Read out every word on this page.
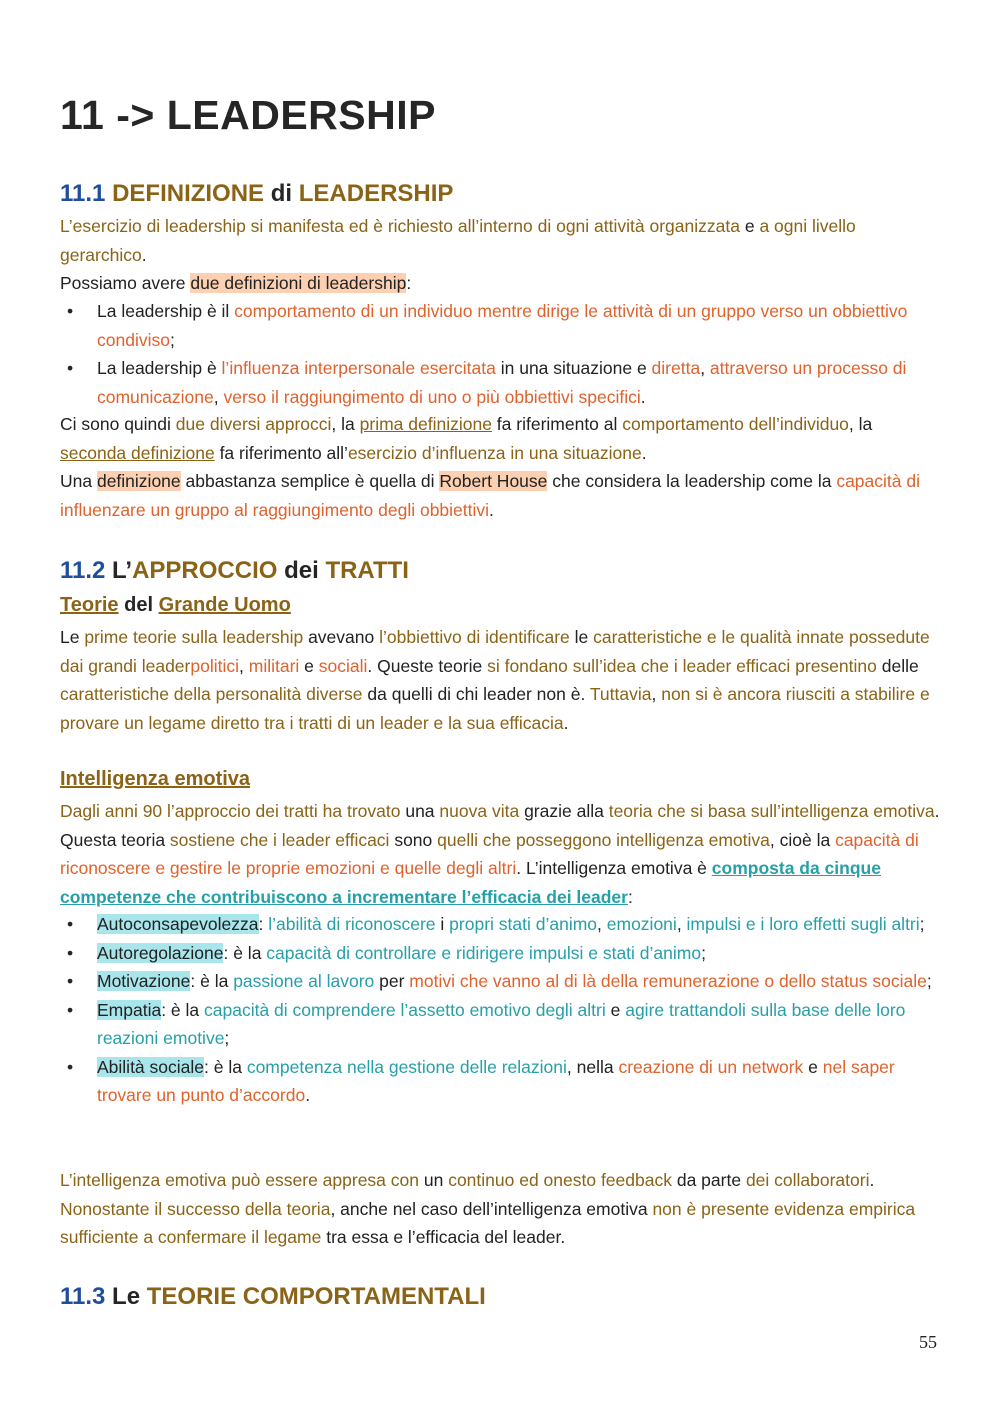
11 -> LEADERSHIP
11.1 DEFINIZIONE di LEADERSHIP

L’esercizio di leadership si manifesta ed è richiesto all’interno di ogni attività organizzata e a ogni livello gerarchico.

Possiamo avere due definizioni di leadership:

• La leadership è il comportamento di un individuo mentre dirige le attività di un gruppo verso un obbiettivo condiviso;
• La leadership è l’influenza interpersonale esercitata in una situazione e diretta, attraverso un processo di comunicazione, verso il raggiungimento di uno o più obbiettivi specifici.

Ci sono quindi due diversi approcci, la prima definizione fa riferimento al comportamento dell’individuo, la seconda definizione fa riferimento all’esercizio d’influenza in una situazione.

Una definizione abbastanza semplice è quella di Robert House che considera la leadership come la capacità di influenzare un gruppo al raggiungimento degli obbiettivi.

11.2 L’APPROCCIO dei TRATTI
Teorie del Grande Uomo

Le prime teorie sulla leadership avevano l’obbiettivo di identificare le caratteristiche e le qualità innate possedute dai grandi leaderpolitici, militari e sociali. Queste teorie si fondano sull’idea che i leader efficaci presentino delle caratteristiche della personalità diverse da quelli di chi leader non è. Tuttavia, non si è ancora riusciti a stabilire e provare un legame diretto tra i tratti di un leader e la sua efficacia.

Intelligenza emotiva

Dagli anni 90 l’approccio dei tratti ha trovato una nuova vita grazie alla teoria che si basa sull’intelligenza emotiva. Questa teoria sostiene che i leader efficaci sono quelli che posseggono intelligenza emotiva, cioè la capacità di riconoscere e gestire le proprie emozioni e quelle degli altri. L’intelligenza emotiva è composta da cinque competenze che contribuiscono a incrementare l’efficacia dei leader:

• Autoconsapevolezza: l’abilità di riconoscere i propri stati d’animo, emozioni, impulsi e i loro effetti sugli altri;
• Autoregolazione: è la capacità di controllare e ridirigere impulsi e stati d’animo;
• Motivazione: è la passione al lavoro per motivi che vanno al di là della remunerazione o dello status sociale;
• Empatia: è la capacità di comprendere l’assetto emotivo degli altri e agire trattandoli sulla base delle loro reazioni emotive;
• Abilità sociale: è la competenza nella gestione delle relazioni, nella creazione di un network e nel saper trovare un punto d’accordo.

L’intelligenza emotiva può essere appresa con un continuo ed onesto feedback da parte dei collaboratori. Nonostante il successo della teoria, anche nel caso dell’intelligenza emotiva non è presente evidenza empirica sufficiente a confermare il legame tra essa e l’efficacia del leader.

11.3 Le TEORIE COMPORTAMENTALI
55
